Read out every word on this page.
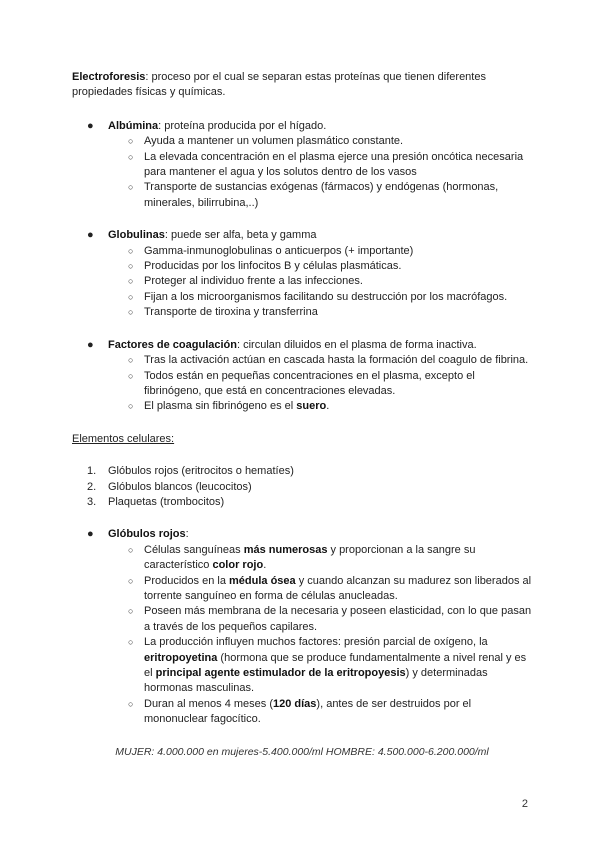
Electroforesis: proceso por el cual se separan estas proteínas que tienen diferentes propiedades físicas y químicas.

● Albúmina: proteína producida por el hígado.
○ Ayuda a mantener un volumen plasmático constante.
○ La elevada concentración en el plasma ejerce una presión oncótica necesaria para mantener el agua y los solutos dentro de los vasos
○ Transporte de sustancias exógenas (fármacos) y endógenas (hormonas, minerales, bilirrubina,..)
● Globulinas: puede ser alfa, beta y gamma
○ Gamma-inmunoglobulinas o anticuerpos (+ importante)
○ Producidas por los linfocitos B y células plasmáticas.
○ Proteger al individuo frente a las infecciones.
○ Fijan a los microorganismos facilitando su destrucción por los macrófagos.
○ Transporte de tiroxina y transferrina
● Factores de coagulación: circulan diluidos en el plasma de forma inactiva.
○ Tras la activación actúan en cascada hasta la formación del coagulo de fibrina.
○ Todos están en pequeñas concentraciones en el plasma, excepto el fibrinógeno, que está en concentraciones elevadas.
○ El plasma sin fibrinógeno es el suero.

Elementos celulares:

1. Glóbulos rojos (eritrocitos o hematíes)
2. Glóbulos blancos (leucocitos)
3. Plaquetas (trombocitos)
● Glóbulos rojos:
○ Células sanguíneas más numerosas y proporcionan a la sangre su característico color rojo.
○ Producidos en la médula ósea y cuando alcanzan su madurez son liberados al torrente sanguíneo en forma de células anucleadas.
○ Poseen más membrana de la necesaria y poseen elasticidad, con lo que pasan a través de los pequeños capilares.
○ La producción influyen muchos factores: presión parcial de oxígeno, la eritropoyetina (hormona que se produce fundamentalmente a nivel renal y es el principal agente estimulador de la eritropoyesis) y determinadas hormonas masculinas.
○ Duran al menos 4 meses (120 días), antes de ser destruidos por el mononuclear fagocítico.

MUJER: 4.000.000 en mujeres-5.400.000/ml HOMBRE: 4.500.000-6.200.000/ml

2
